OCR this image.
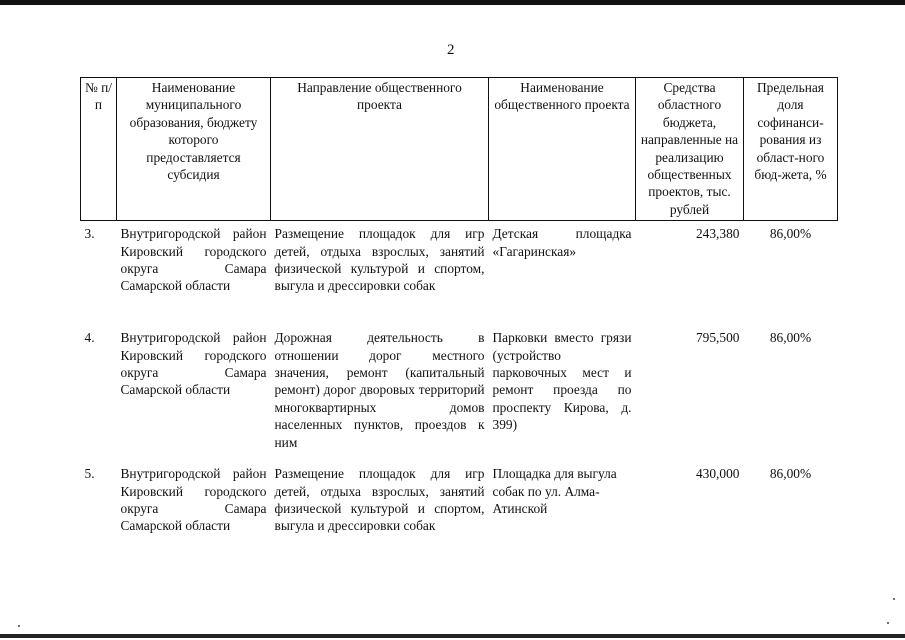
2
№ п/п	Наименование муниципального образования, бюджету которого предоставляется субсидия	Направление общественного проекта	Наименование общественного проекта	Средства областного бюджета, направленные на реализацию общественных проектов, тыс. рублей	Предельная доля софинанси-рования из област-ного бюд-жета, %
3.	Внутригородской район Кировский городского округа Самара Самарской области	Размещение площадок для игр детей, отдыха взрослых, занятий физической культурой и спортом, выгула и дрессировки собак	Детская площадка «Гагаринская»	243,380	86,00%
4.	Внутригородской район Кировский городского округа Самара Самарской области	Дорожная деятельность в отношении дорог местного значения, ремонт (капитальный ремонт) дорог дворовых территорий многоквартирных домов населенных пунктов, проездов к ним	Парковки вместо грязи (устройство парковочных мест и ремонт проезда по проспекту Кирова, д. 399)	795,500	86,00%
5.	Внутригородской район Кировский городского округа Самара Самарской области	Размещение площадок для игр детей, отдыха взрослых, занятий физической культурой и спортом, выгула и дрессировки собак	Площадка для выгула собак по ул. Алма-Атинской	430,000	86,00%
